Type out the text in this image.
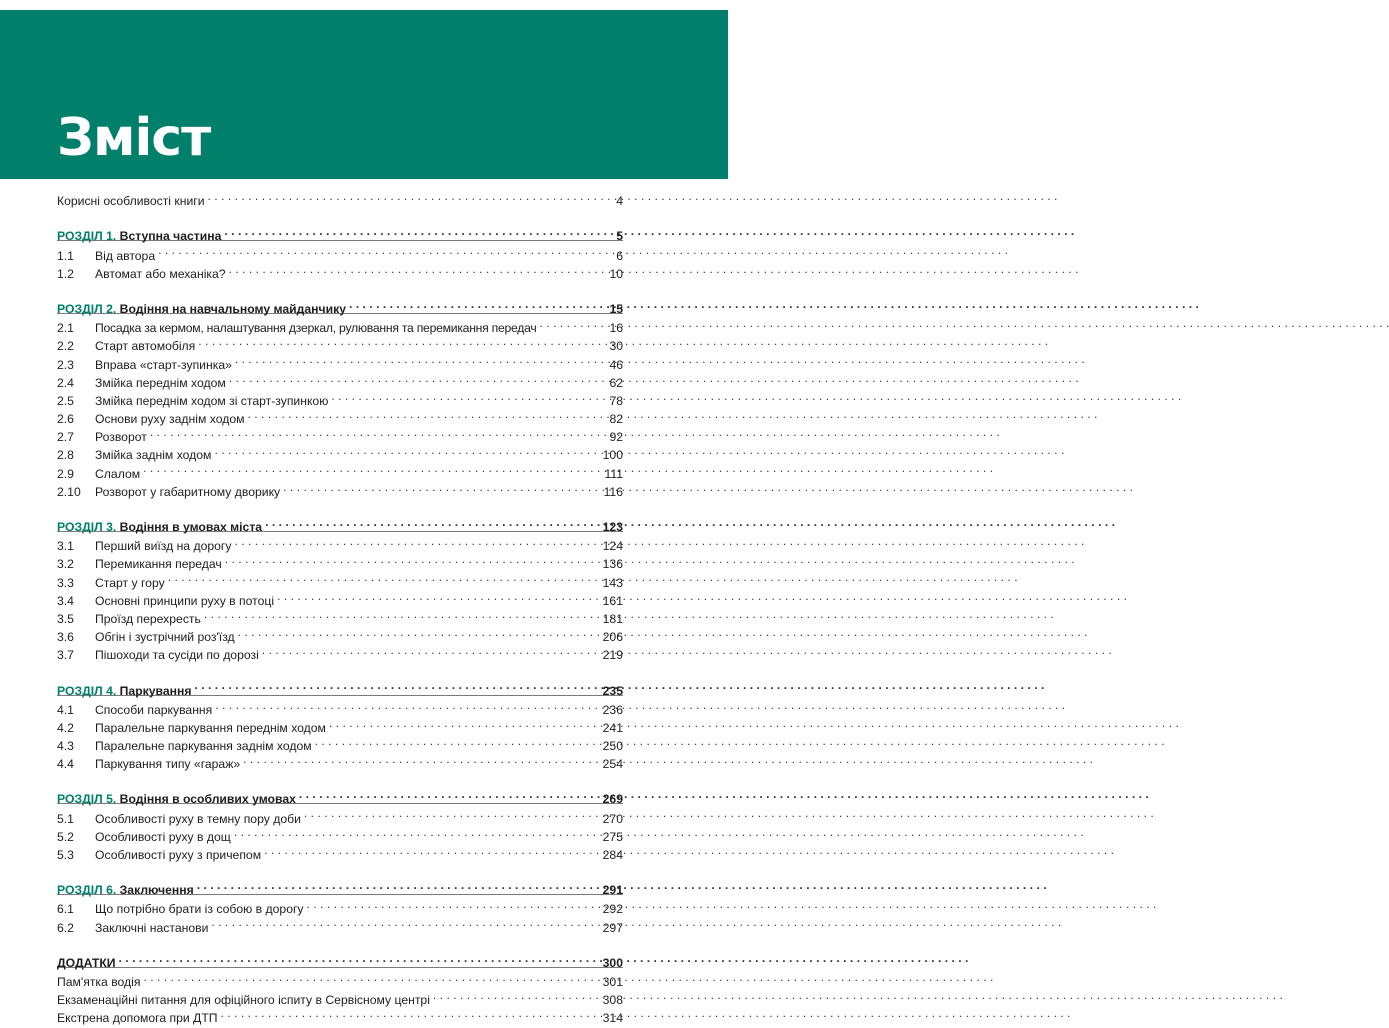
Зміст
Корисні особливості книги . . .	4
РОЗДІЛ 1. Вступна частина . . .	5
1.1	Від автора . . .	6
1.2	Автомат або механіка? . . .	10
РОЗДІЛ 2. Водіння на навчальному майданчику . . .	15
2.1	Посадка за кермом, налаштування дзеркал, рулювання та перемикання передач . . .	16
2.2	Старт автомобіля . . .	30
2.3	Вправа «старт-зупинка» . . .	46
2.4	Змійка переднім ходом . . .	62
2.5	Змійка переднім ходом зі старт-зупинкою . . .	78
2.6	Основи руху заднім ходом . . .	82
2.7	Розворот . . .	92
2.8	Змійка заднім ходом . . .	100
2.9	Слалом . . .	111
2.10	Розворот у габаритному дворику . . .	116
РОЗДІЛ 3. Водіння в умовах міста . . .	123
3.1	Перший виїзд на дорогу . . .	124
3.2	Перемикання передач . . .	136
3.3	Старт у гору . . .	143
3.4	Основні принципи руху в потоці . . .	161
3.5	Проїзд перехресть . . .	181
3.6	Обгін і зустрічний роз'їзд . . .	206
3.7	Пішоходи та сусіди по дорозі . . .	219
РОЗДІЛ 4. Паркування . . .	235
4.1	Способи паркування . . .	236
4.2	Паралельне паркування переднім ходом . . .	241
4.3	Паралельне паркування заднім ходом . . .	250
4.4	Паркування типу «гараж» . . .	254
РОЗДІЛ 5. Водіння в особливих умовах . . .	269
5.1	Особливості руху в темну пору доби . . .	270
5.2	Особливості руху в дощ . . .	275
5.3	Особливості руху з причепом . . .	284
РОЗДІЛ 6. Заключення . . .	291
6.1	Що потрібно брати із собою в дорогу . . .	292
6.2	Заключні настанови . . .	297
ДОДАТКИ . . .	300
Пам'ятка водія . . .	301
Екзаменаційні питання для офіційного іспиту в Сервісному центрі . . .	308
Екстрена допомога при ДТП . . .	314
